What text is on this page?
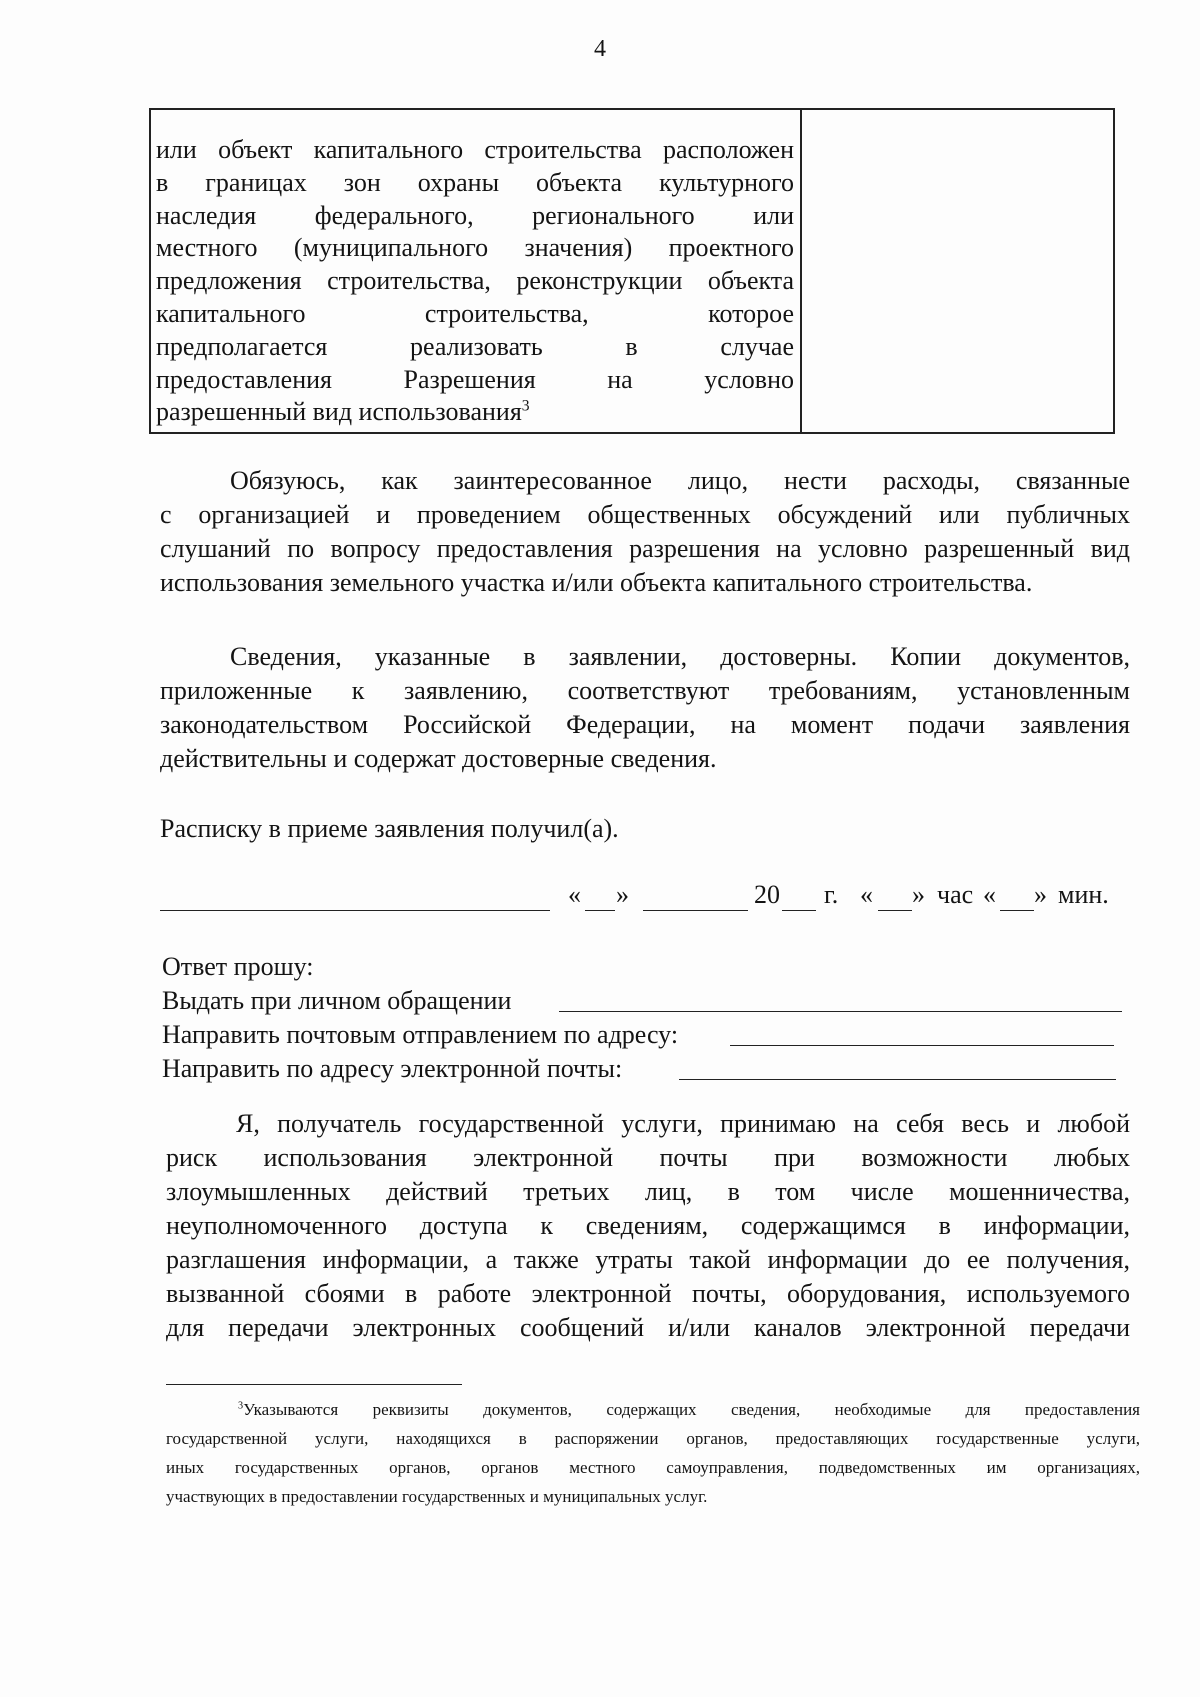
4
или объект капитального строительства расположен
в границах зон охраны объекта культурного
наследия федерального, регионального или
местного (муниципального значения) проектного
предложения строительства, реконструкции объекта
капитального строительства, которое
предполагается реализовать в случае
предоставления Разрешения на условно
разрешенный вид использования$^3$
Обязуюсь, как заинтересованное лицо, нести расходы, связанные
с организацией и проведением общественных обсуждений или публичных
слушаний по вопросу предоставления разрешения на условно разрешенный вид
использования земельного участка и/или объекта капитального строительства.
Сведения, указанные в заявлении, достоверны. Копии документов,
приложенные к заявлению, соответствуют требованиям, установленным
законодательством Российской Федерации, на момент подачи заявления
действительны и содержат достоверные сведения.
Расписку в приеме заявления получил(а).
« »	20 г. « » час « » мин.
Ответ прошу:
Выдать при личном обращении
Направить почтовым отправлением по адресу:
Направить по адресу электронной почты:
Я, получатель государственной услуги, принимаю на себя весь и любой
риск использования электронной почты при возможности любых
злоумышленных действий третьих лиц, в том числе мошенничества,
неуполномоченного доступа к сведениям, содержащимся в информации,
разглашения информации, а также утраты такой информации до ее получения,
вызванной сбоями в работе электронной почты, оборудования, используемого
для передачи электронных сообщений и/или каналов электронной передачи
$^3$Указываются реквизиты документов, содержащих сведения, необходимые для предоставления
государственной услуги, находящихся в распоряжении органов, предоставляющих государственные услуги,
иных государственных органов, органов местного самоуправления, подведомственных им организациях,
участвующих в предоставлении государственных и муниципальных услуг.
